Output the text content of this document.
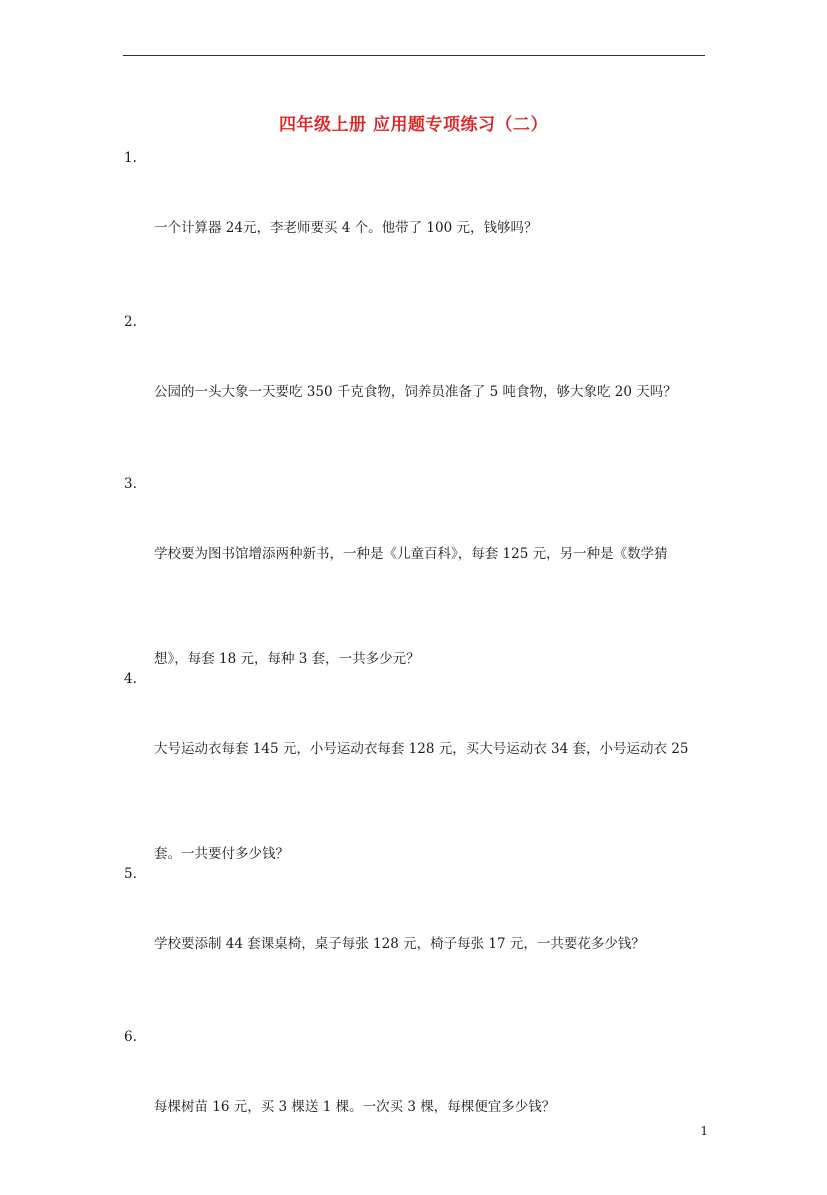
四年级上册 应用题专项练习（二）
1.

一个计算器 24元，李老师要买 4 个。他带了 100 元，钱够吗？

2.

公园的一头大象一天要吃 350 千克食物，饲养员准备了 5 吨食物，够大象吃 20 天吗？

3.

学校要为图书馆增添两种新书，一种是《儿童百科》，每套 125 元，另一种是《数学猜

想》，每套 18 元，每种 3 套，一共多少元？

4.

大号运动衣每套 145 元，小号运动衣每套 128 元，买大号运动衣 34 套，小号运动衣 25

套。一共要付多少钱？

5.

学校要添制 44 套课桌椅，桌子每张 128 元，椅子每张 17 元，一共要花多少钱？

6.

每棵树苗 16 元，买 3 棵送 1 棵。一次买 3 棵，每棵便宜多少钱？

1
